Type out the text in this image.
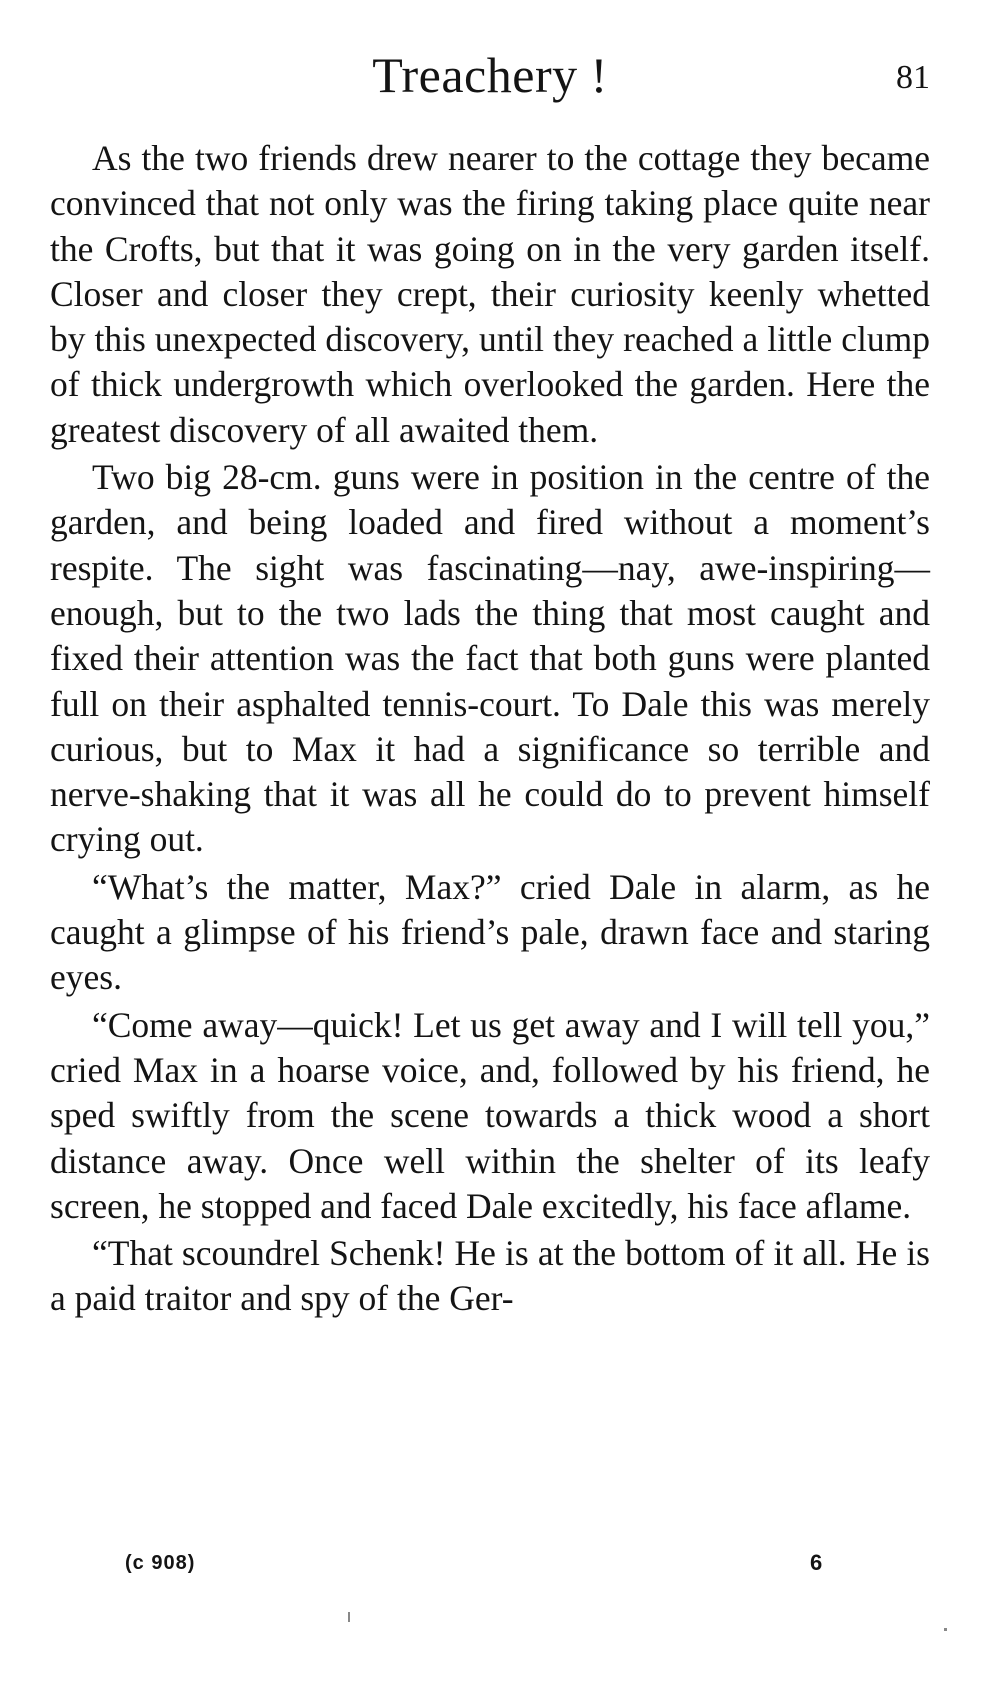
Treachery !	81

As the two friends drew nearer to the cottage they became convinced that not only was the firing taking place quite near the Crofts, but that it was going on in the very garden itself. Closer and closer they crept, their curiosity keenly whetted by this unexpected discovery, until they reached a little clump of thick undergrowth which overlooked the garden. Here the greatest discovery of all awaited them.

Two big 28-cm. guns were in position in the centre of the garden, and being loaded and fired without a moment’s respite. The sight was fascinating—nay, awe-inspiring—enough, but to the two lads the thing that most caught and fixed their attention was the fact that both guns were planted full on their asphalted tennis-court. To Dale this was merely curious, but to Max it had a significance so terrible and nerve-shaking that it was all he could do to prevent himself crying out.

“What’s the matter, Max?” cried Dale in alarm, as he caught a glimpse of his friend’s pale, drawn face and staring eyes.

“Come away—quick! Let us get away and I will tell you,” cried Max in a hoarse voice, and, followed by his friend, he sped swiftly from the scene towards a thick wood a short distance away. Once well within the shelter of its leafy screen, he stopped and faced Dale excitedly, his face aflame.

“That scoundrel Schenk! He is at the bottom of it all. He is a paid traitor and spy of the Ger-

(c 908)	6
